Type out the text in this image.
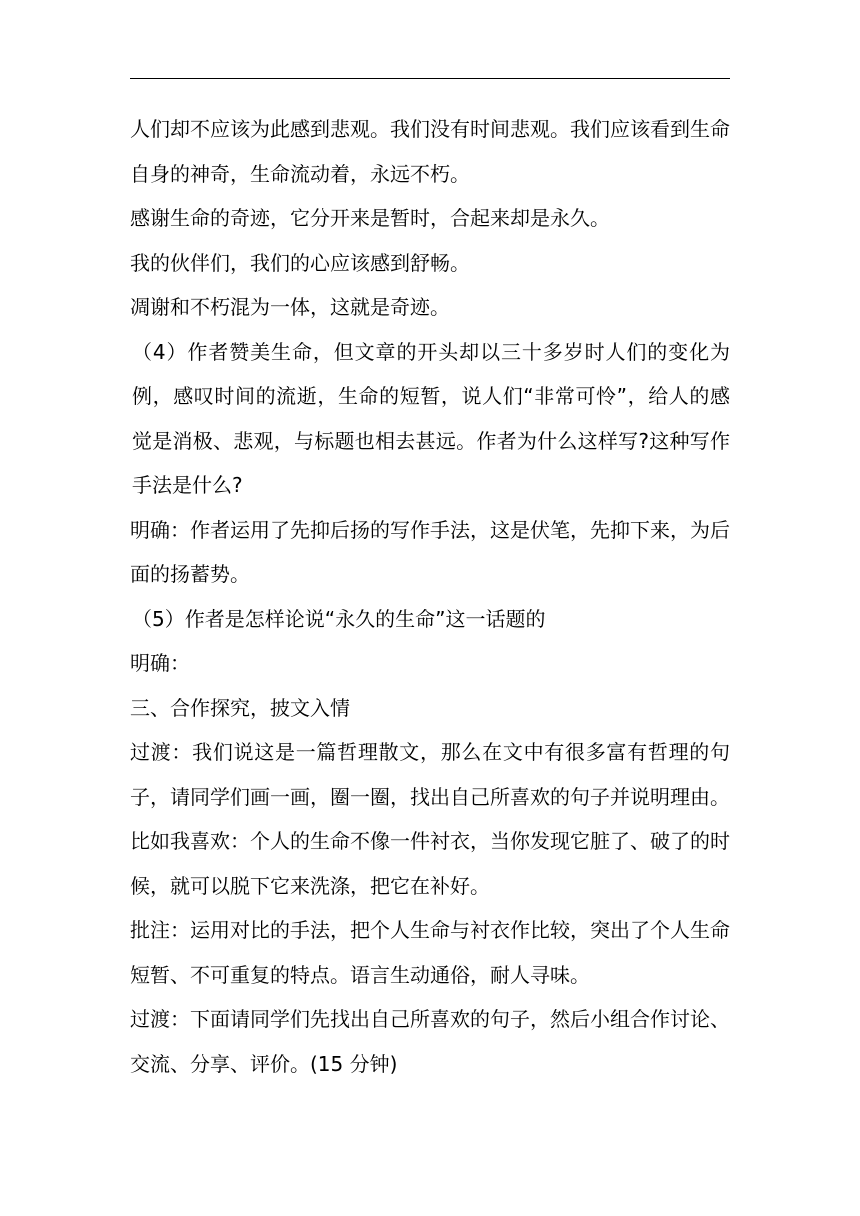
人们却不应该为此感到悲观。我们没有时间悲观。我们应该看到生命自身的神奇，生命流动着，永远不朽。

感谢生命的奇迹，它分开来是暂时，合起来却是永久。

我的伙伴们，我们的心应该感到舒畅。

凋谢和不朽混为一体，这就是奇迹。

（4）作者赞美生命，但文章的开头却以三十多岁时人们的变化为例，感叹时间的流逝，生命的短暂，说人们“非常可怜”，给人的感觉是消极、悲观，与标题也相去甚远。作者为什么这样写?这种写作手法是什么?

明确：作者运用了先抑后扬的写作手法，这是伏笔，先抑下来，为后面的扬蓄势。

（5）作者是怎样论说“永久的生命”这一话题的

明确：

三、合作探究，披文入情

过渡：我们说这是一篇哲理散文，那么在文中有很多富有哲理的句子，请同学们画一画，圈一圈，找出自己所喜欢的句子并说明理由。比如我喜欢：个人的生命不像一件衬衣，当你发现它脏了、破了的时候，就可以脱下它来洗涤，把它在补好。

批注：运用对比的手法，把个人生命与衬衣作比较，突出了个人生命短暂、不可重复的特点。语言生动通俗，耐人寻味。

过渡：下面请同学们先找出自己所喜欢的句子，然后小组合作讨论、交流、分享、评价。(15 分钟)
